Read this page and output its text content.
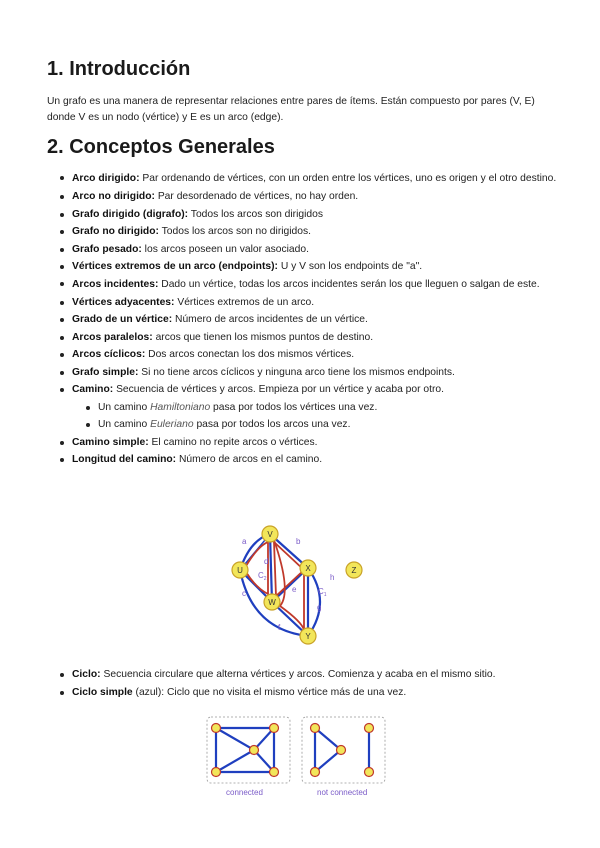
1. Introducción
Un grafo es una manera de representar relaciones entre pares de ítems. Están compuesto por pares (V, E) donde V es un nodo (vértice) y E es un arco (edge).
2. Conceptos Generales
Arco dirigido: Par ordenando de vértices, con un orden entre los vértices, uno es origen y el otro destino.
Arco no dirigido: Par desordenado de vértices, no hay orden.
Grafo dirigido (digrafo): Todos los arcos son dirigidos
Grafo no dirigido: Todos los arcos son no dirigidos.
Grafo pesado: los arcos poseen un valor asociado.
Vértices extremos de un arco (endpoints): U y V son los endpoints de "a".
Arcos incidentes: Dado un vértice, todas los arcos incidentes serán los que lleguen o salgan de este.
Vértices adyacentes: Vértices extremos de un arco.
Grado de un vértice: Número de arcos incidentes de un vértice.
Arcos paralelos: arcos que tienen los mismos puntos de destino.
Arcos cíclicos: Dos arcos conectan los dos mismos vértices.
Grafo simple: Si no tiene arcos cíclicos y ninguna arco tiene los mismos endpoints.
Camino: Secuencia de vértices y arcos. Empieza por un vértice y acaba por otro.
Un camino Hamiltoniano pasa por todos los vértices una vez.
Un camino Euleriano pasa por todos los arcos una vez.
Camino simple: El camino no repite arcos o vértices.
Longitud del camino: Número de arcos en el camino.
a	b
c
d
e
f
g
h
$C_2$
$C_1$
V
U	X
W
Y
Z
Ciclo: Secuencia circulare que alterna vértices y arcos. Comienza y acaba en el mismo sitio.
Ciclo simple (azul): Ciclo que no visita el mismo vértice más de una vez.
connected	not connected
